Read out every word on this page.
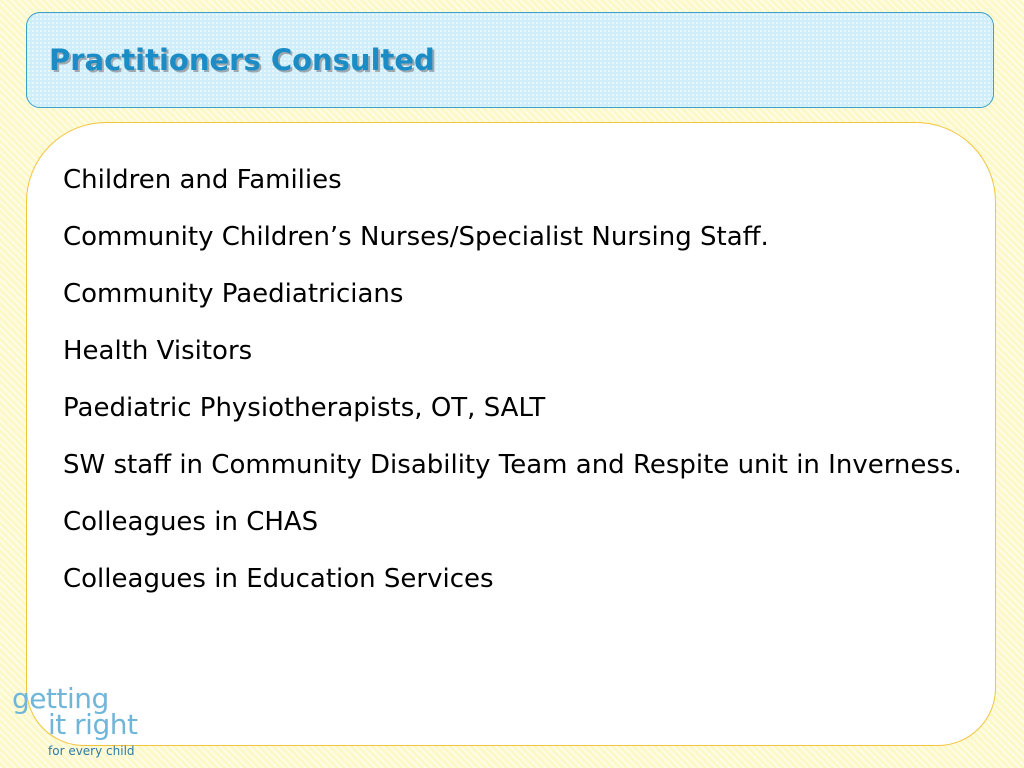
Practitioners Consulted
Children and Families
Community Children’s Nurses/Specialist Nursing Staff.
Community Paediatricians
Health Visitors
Paediatric Physiotherapists, OT, SALT
SW staff in Community Disability Team and Respite unit in Inverness.
Colleagues in CHAS
Colleagues in Education Services
getting
it right
for every child
